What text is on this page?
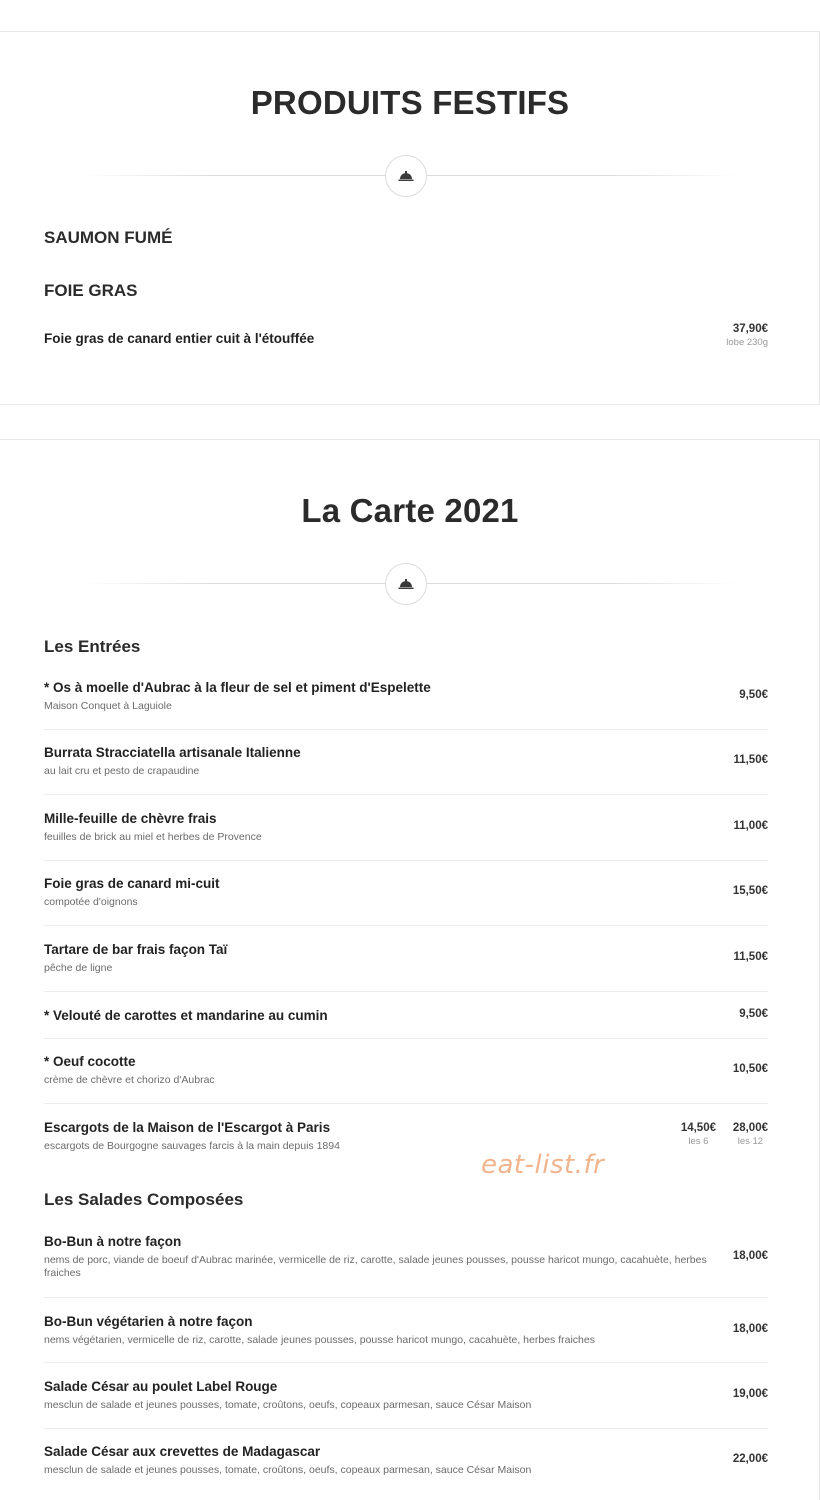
PRODUITS FESTIFS
SAUMON FUMÉ
FOIE GRAS
Foie gras de canard entier cuit à l'étouffée
37,90€
lobe 230g
La Carte 2021
Les Entrées
* Os à moelle d'Aubrac à la fleur de sel et piment d'Espelette
Maison Conquet à Laguiole
9,50€
Burrata Stracciatella artisanale Italienne
au lait cru et pesto de crapaudine
11,50€
Mille-feuille de chèvre frais
feuilles de brick au miel et herbes de Provence
11,00€
Foie gras de canard mi-cuit
compotée d'oignons
15,50€
Tartare de bar frais façon Taï
pêche de ligne
11,50€
* Velouté de carottes et mandarine au cumin	9,50€
* Oeuf cocotte
crème de chèvre et chorizo d'Aubrac
10,50€
Escargots de la Maison de l'Escargot à Paris
escargots de Bourgogne sauvages farcis à la main depuis 1894
14,50€
les 6
28,00€
les 12
Les Salades Composées
Bo-Bun à notre façon
nems de porc, viande de boeuf d'Aubrac marinée, vermicelle de riz, carotte, salade jeunes pousses, pousse haricot mungo, cacahuète, herbes fraiches
18,00€
Bo-Bun végétarien à notre façon
nems végétarien, vermicelle de riz, carotte, salade jeunes pousses, pousse haricot mungo, cacahuète, herbes fraiches
18,00€
Salade César au poulet Label Rouge
mesclun de salade et jeunes pousses, tomate, croûtons, oeufs, copeaux parmesan, sauce César Maison
19,00€
Salade César aux crevettes de Madagascar
mesclun de salade et jeunes pousses, tomate, croûtons, oeufs, copeaux parmesan, sauce César Maison
22,00€
eat-list.fr
